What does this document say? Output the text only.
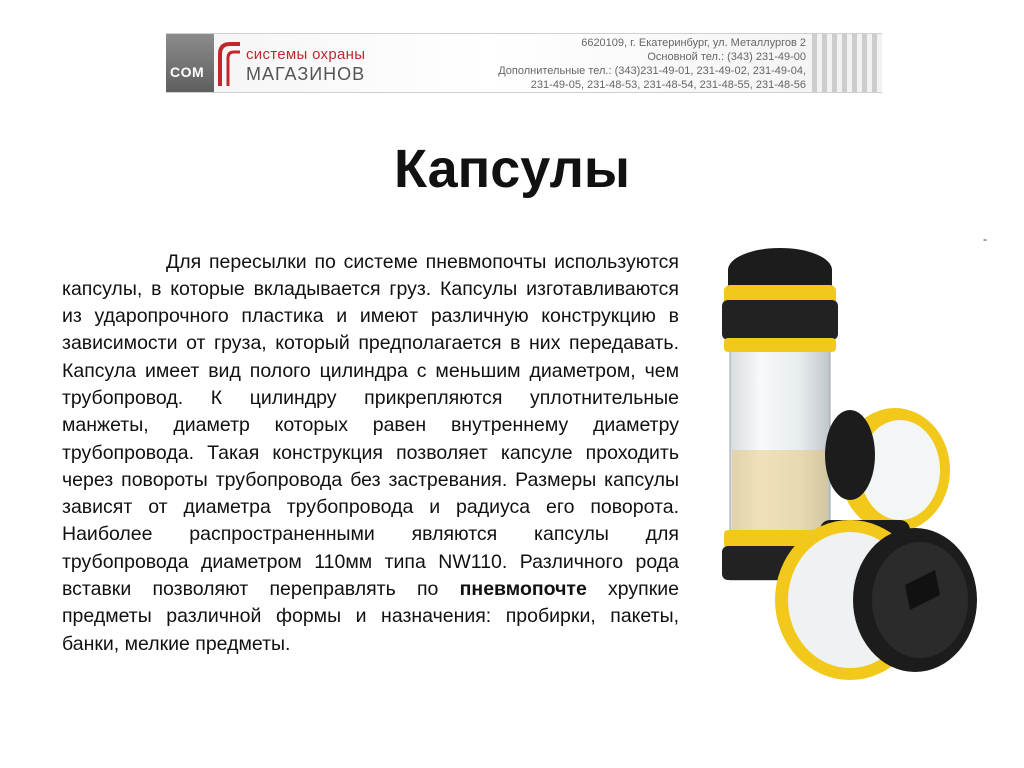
COM
системы охраны
МАГАЗИНОВ
6620109, г. Екатеринбург, ул. Металлургов 2
Основной тел.: (343) 231-49-00
Дополнительные тел.: (343)231-49-01, 231-49-02, 231-49-04,
231-49-05, 231-48-53, 231-48-54, 231-48-55, 231-48-56
Капсулы

Для пересылки по системе пневмопочты используются капсулы, в которые вкладывается груз. Капсулы изготавливаются из ударопрочного пластика и имеют различную конструкцию в зависимости от груза, который предполагается в них передавать. Капсула имеет вид полого цилиндра с меньшим диаметром, чем трубопровод. К цилиндру прикрепляются уплотнительные манжеты, диаметр которых равен внутреннему диаметру трубопровода. Такая конструкция позволяет капсуле проходить через повороты трубопровода без застревания. Размеры капсулы зависят от диаметра трубопровода и радиуса его поворота. Наиболее распространенными являются капсулы для трубопровода диаметром 110мм типа NW110. Различного рода вставки позволяют переправлять по пневмопочте хрупкие предметы различной формы и назначения: пробирки, пакеты, банки, мелкие предметы.

-
